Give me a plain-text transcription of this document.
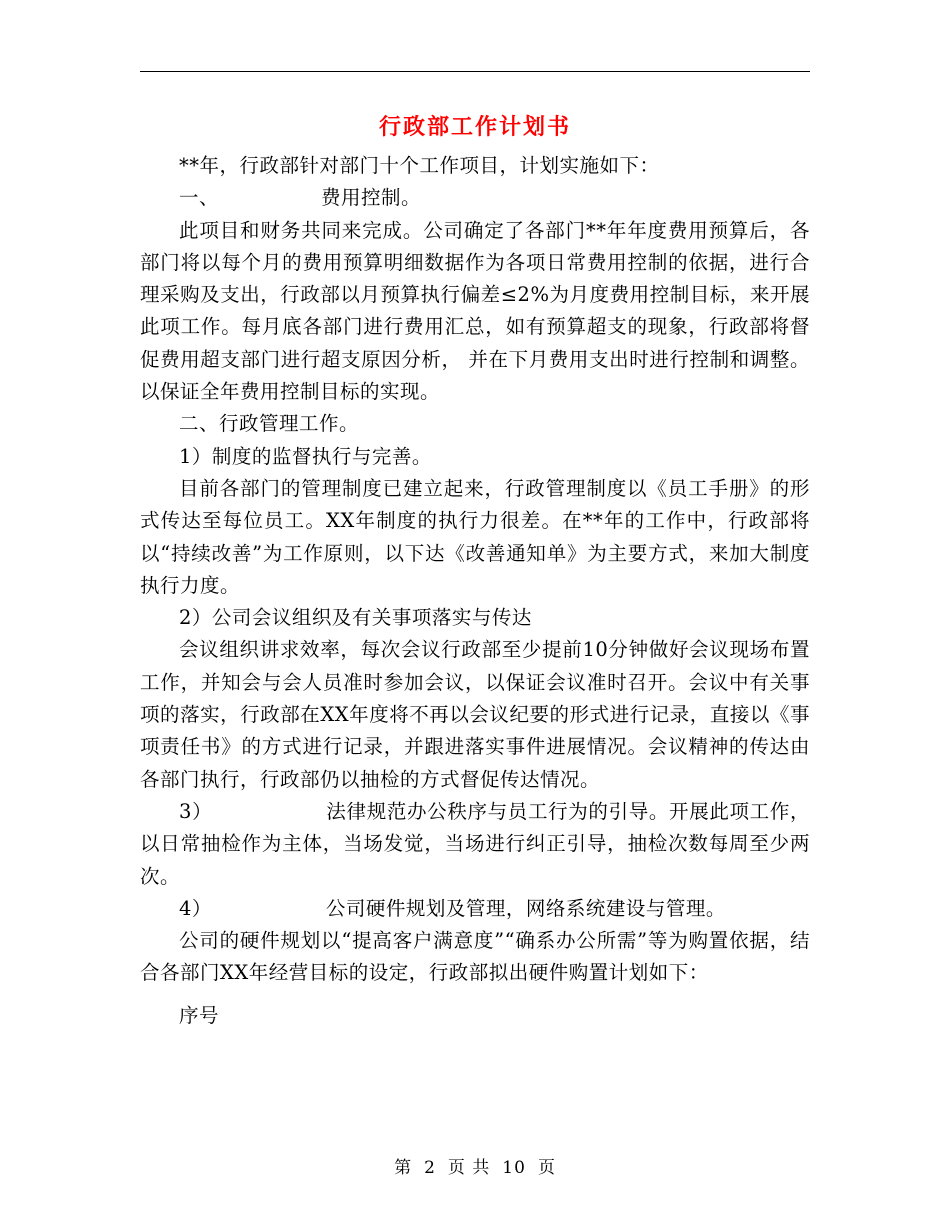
行政部工作计划书

**年，行政部针对部门十个工作项目，计划实施如下：

一、	费用控制。

此项目和财务共同来完成。公司确定了各部门**年年度费用预算后，各部门将以每个月的费用预算明细数据作为各项日常费用控制的依据，进行合理采购及支出，行政部以月预算执行偏差≤2%为月度费用控制目标，来开展此项工作。每月底各部门进行费用汇总，如有预算超支的现象，行政部将督促费用超支部门进行超支原因分析， 并在下月费用支出时进行控制和调整。以保证全年费用控制目标的实现。

二、行政管理工作。

1）制度的监督执行与完善。

目前各部门的管理制度已建立起来，行政管理制度以《员工手册》的形式传达至每位员工。XX年制度的执行力很差。在**年的工作中，行政部将以“持续改善”为工作原则，以下达《改善通知单》为主要方式，来加大制度执行力度。

2）公司会议组织及有关事项落实与传达

会议组织讲求效率，每次会议行政部至少提前10分钟做好会议现场布置工作，并知会与会人员准时参加会议，以保证会议准时召开。会议中有关事项的落实，行政部在XX年度将不再以会议纪要的形式进行记录，直接以《事项责任书》的方式进行记录，并跟进落实事件进展情况。会议精神的传达由各部门执行，行政部仍以抽检的方式督促传达情况。

3）	法律规范办公秩序与员工行为的引导。开展此项工作，以日常抽检作为主体，当场发觉，当场进行纠正引导，抽检次数每周至少两次。

4）	公司硬件规划及管理，网络系统建设与管理。

公司的硬件规划以“提高客户满意度”“确系办公所需”等为购置依据，结合各部门XX年经营目标的设定，行政部拟出硬件购置计划如下：

序号

第 2 页 共 10 页
